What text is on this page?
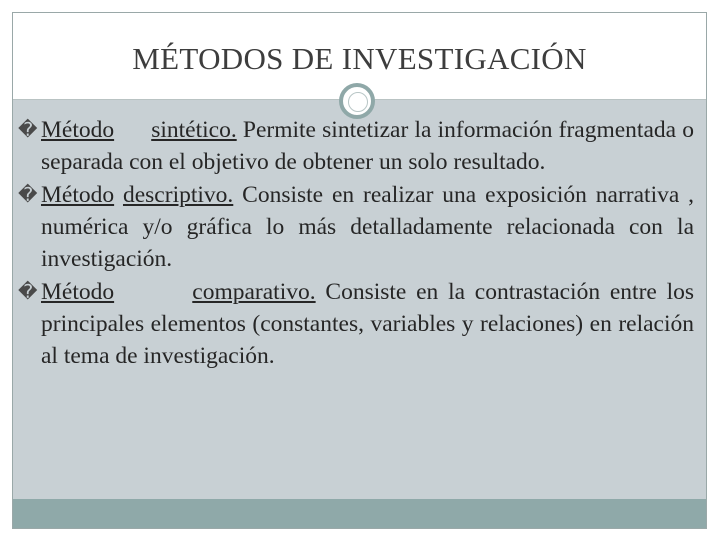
MÉTODOS DE INVESTIGACIÓN

� Método sintético. Permite sintetizar la información fragmentada o separada con el objetivo de obtener un solo resultado.

� Método descriptivo. Consiste en realizar una exposición narrativa , numérica y/o gráfica lo más detalladamente relacionada con la investigación.

� Método	comparativo. Consiste en la contrastación entre los principales elementos (constantes, variables y relaciones) en relación al tema de investigación.
